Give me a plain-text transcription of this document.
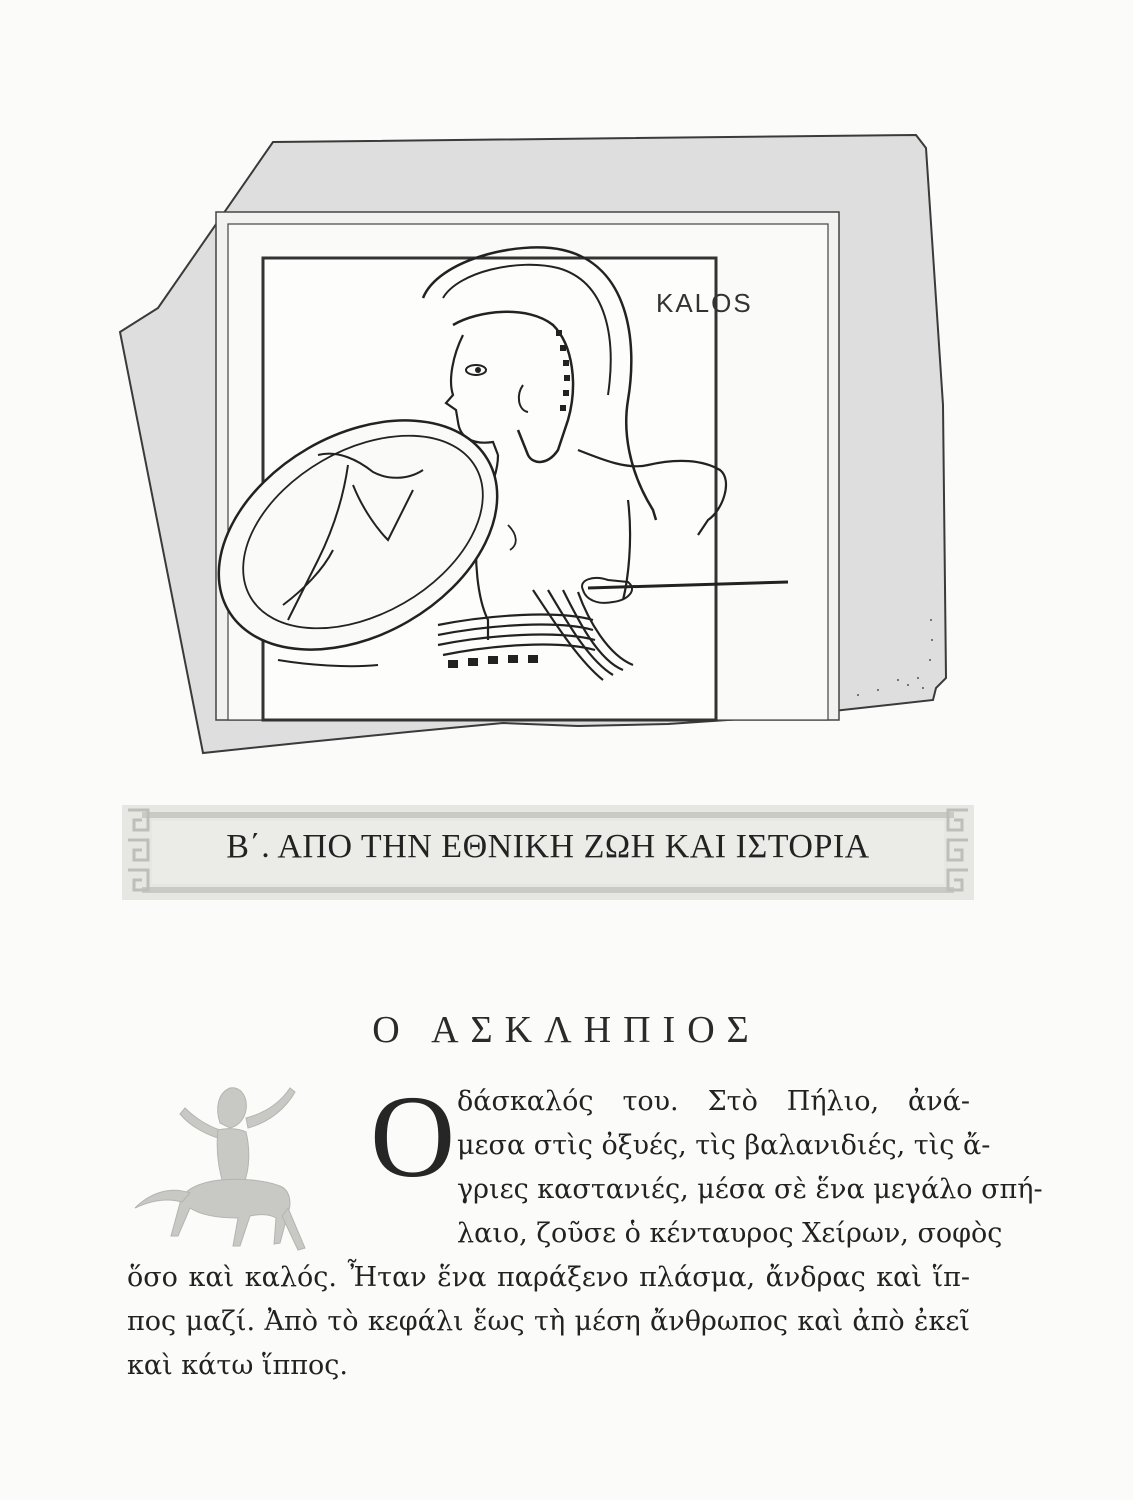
KALOS
Β΄. ΑΠΟ ΤΗΝ ΕΘΝΙΚΗ ΖΩΗ ΚΑΙ ΙΣΤΟΡΙΑ
Ο ΑΣΚΛΗΠΙΟΣ
Ο δάσκαλός του. Στὸ Πήλιο, ἀνά-
μεσα στὶς ὀξυές, τὶς βαλανιδιές, τὶς ἄ-
γριες καστανιές, μέσα σὲ ἕνα μεγάλο σπή-
λαιο, ζοῦσε ὁ κένταυρος Χείρων, σοφὸς
ὅσο καὶ καλός. Ἦταν ἕνα παράξενο πλάσμα, ἄνδρας καὶ ἵπ-
πος μαζί. Ἀπὸ τὸ κεφάλι ἕως τὴ μέση ἄνθρωπος καὶ ἀπὸ ἐκεῖ
καὶ κάτω ἵππος.
